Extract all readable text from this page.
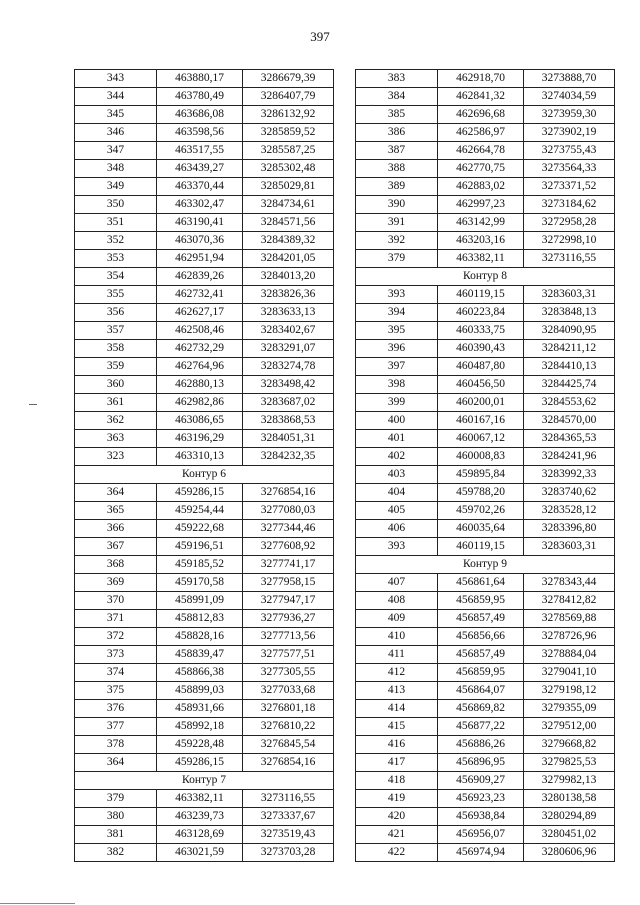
397
343	463880,17	3286679,39
344	463780,49	3286407,79
345	463686,08	3286132,92
346	463598,56	3285859,52
347	463517,55	3285587,25
348	463439,27	3285302,48
349	463370,44	3285029,81
350	463302,47	3284734,61
351	463190,41	3284571,56
352	463070,36	3284389,32
353	462951,94	3284201,05
354	462839,26	3284013,20
355	462732,41	3283826,36
356	462627,17	3283633,13
357	462508,46	3283402,67
358	462732,29	3283291,07
359	462764,96	3283274,78
360	462880,13	3283498,42
361	462982,86	3283687,02
362	463086,65	3283868,53
363	463196,29	3284051,31
323	463310,13	3284232,35
Контур 6		
364	459286,15	3276854,16
365	459254,44	3277080,03
366	459222,68	3277344,46
367	459196,51	3277608,92
368	459185,52	3277741,17
369	459170,58	3277958,15
370	458991,09	3277947,17
371	458812,83	3277936,27
372	458828,16	3277713,56
373	458839,47	3277577,51
374	458866,38	3277305,55
375	458899,03	3277033,68
376	458931,66	3276801,18
377	458992,18	3276810,22
378	459228,48	3276845,54
364	459286,15	3276854,16
Контур 7		
379	463382,11	3273116,55
380	463239,73	3273337,67
381	463128,69	3273519,43
382	463021,59	3273703,28
383	462918,70	3273888,70
384	462841,32	3274034,59
385	462696,68	3273959,30
386	462586,97	3273902,19
387	462664,78	3273755,43
388	462770,75	3273564,33
389	462883,02	3273371,52
390	462997,23	3273184,62
391	463142,99	3272958,28
392	463203,16	3272998,10
379	463382,11	3273116,55
Контур 8		
393	460119,15	3283603,31
394	460223,84	3283848,13
395	460333,75	3284090,95
396	460390,43	3284211,12
397	460487,80	3284410,13
398	460456,50	3284425,74
399	460200,01	3284553,62
400	460167,16	3284570,00
401	460067,12	3284365,53
402	460008,83	3284241,96
403	459895,84	3283992,33
404	459788,20	3283740,62
405	459702,26	3283528,12
406	460035,64	3283396,80
393	460119,15	3283603,31
Контур 9		
407	456861,64	3278343,44
408	456859,95	3278412,82
409	456857,49	3278569,88
410	456856,66	3278726,96
411	456857,49	3278884,04
412	456859,95	3279041,10
413	456864,07	3279198,12
414	456869,82	3279355,09
415	456877,22	3279512,00
416	456886,26	3279668,82
417	456896,95	3279825,53
418	456909,27	3279982,13
419	456923,23	3280138,58
420	456938,84	3280294,89
421	456956,07	3280451,02
422	456974,94	3280606,96
.
